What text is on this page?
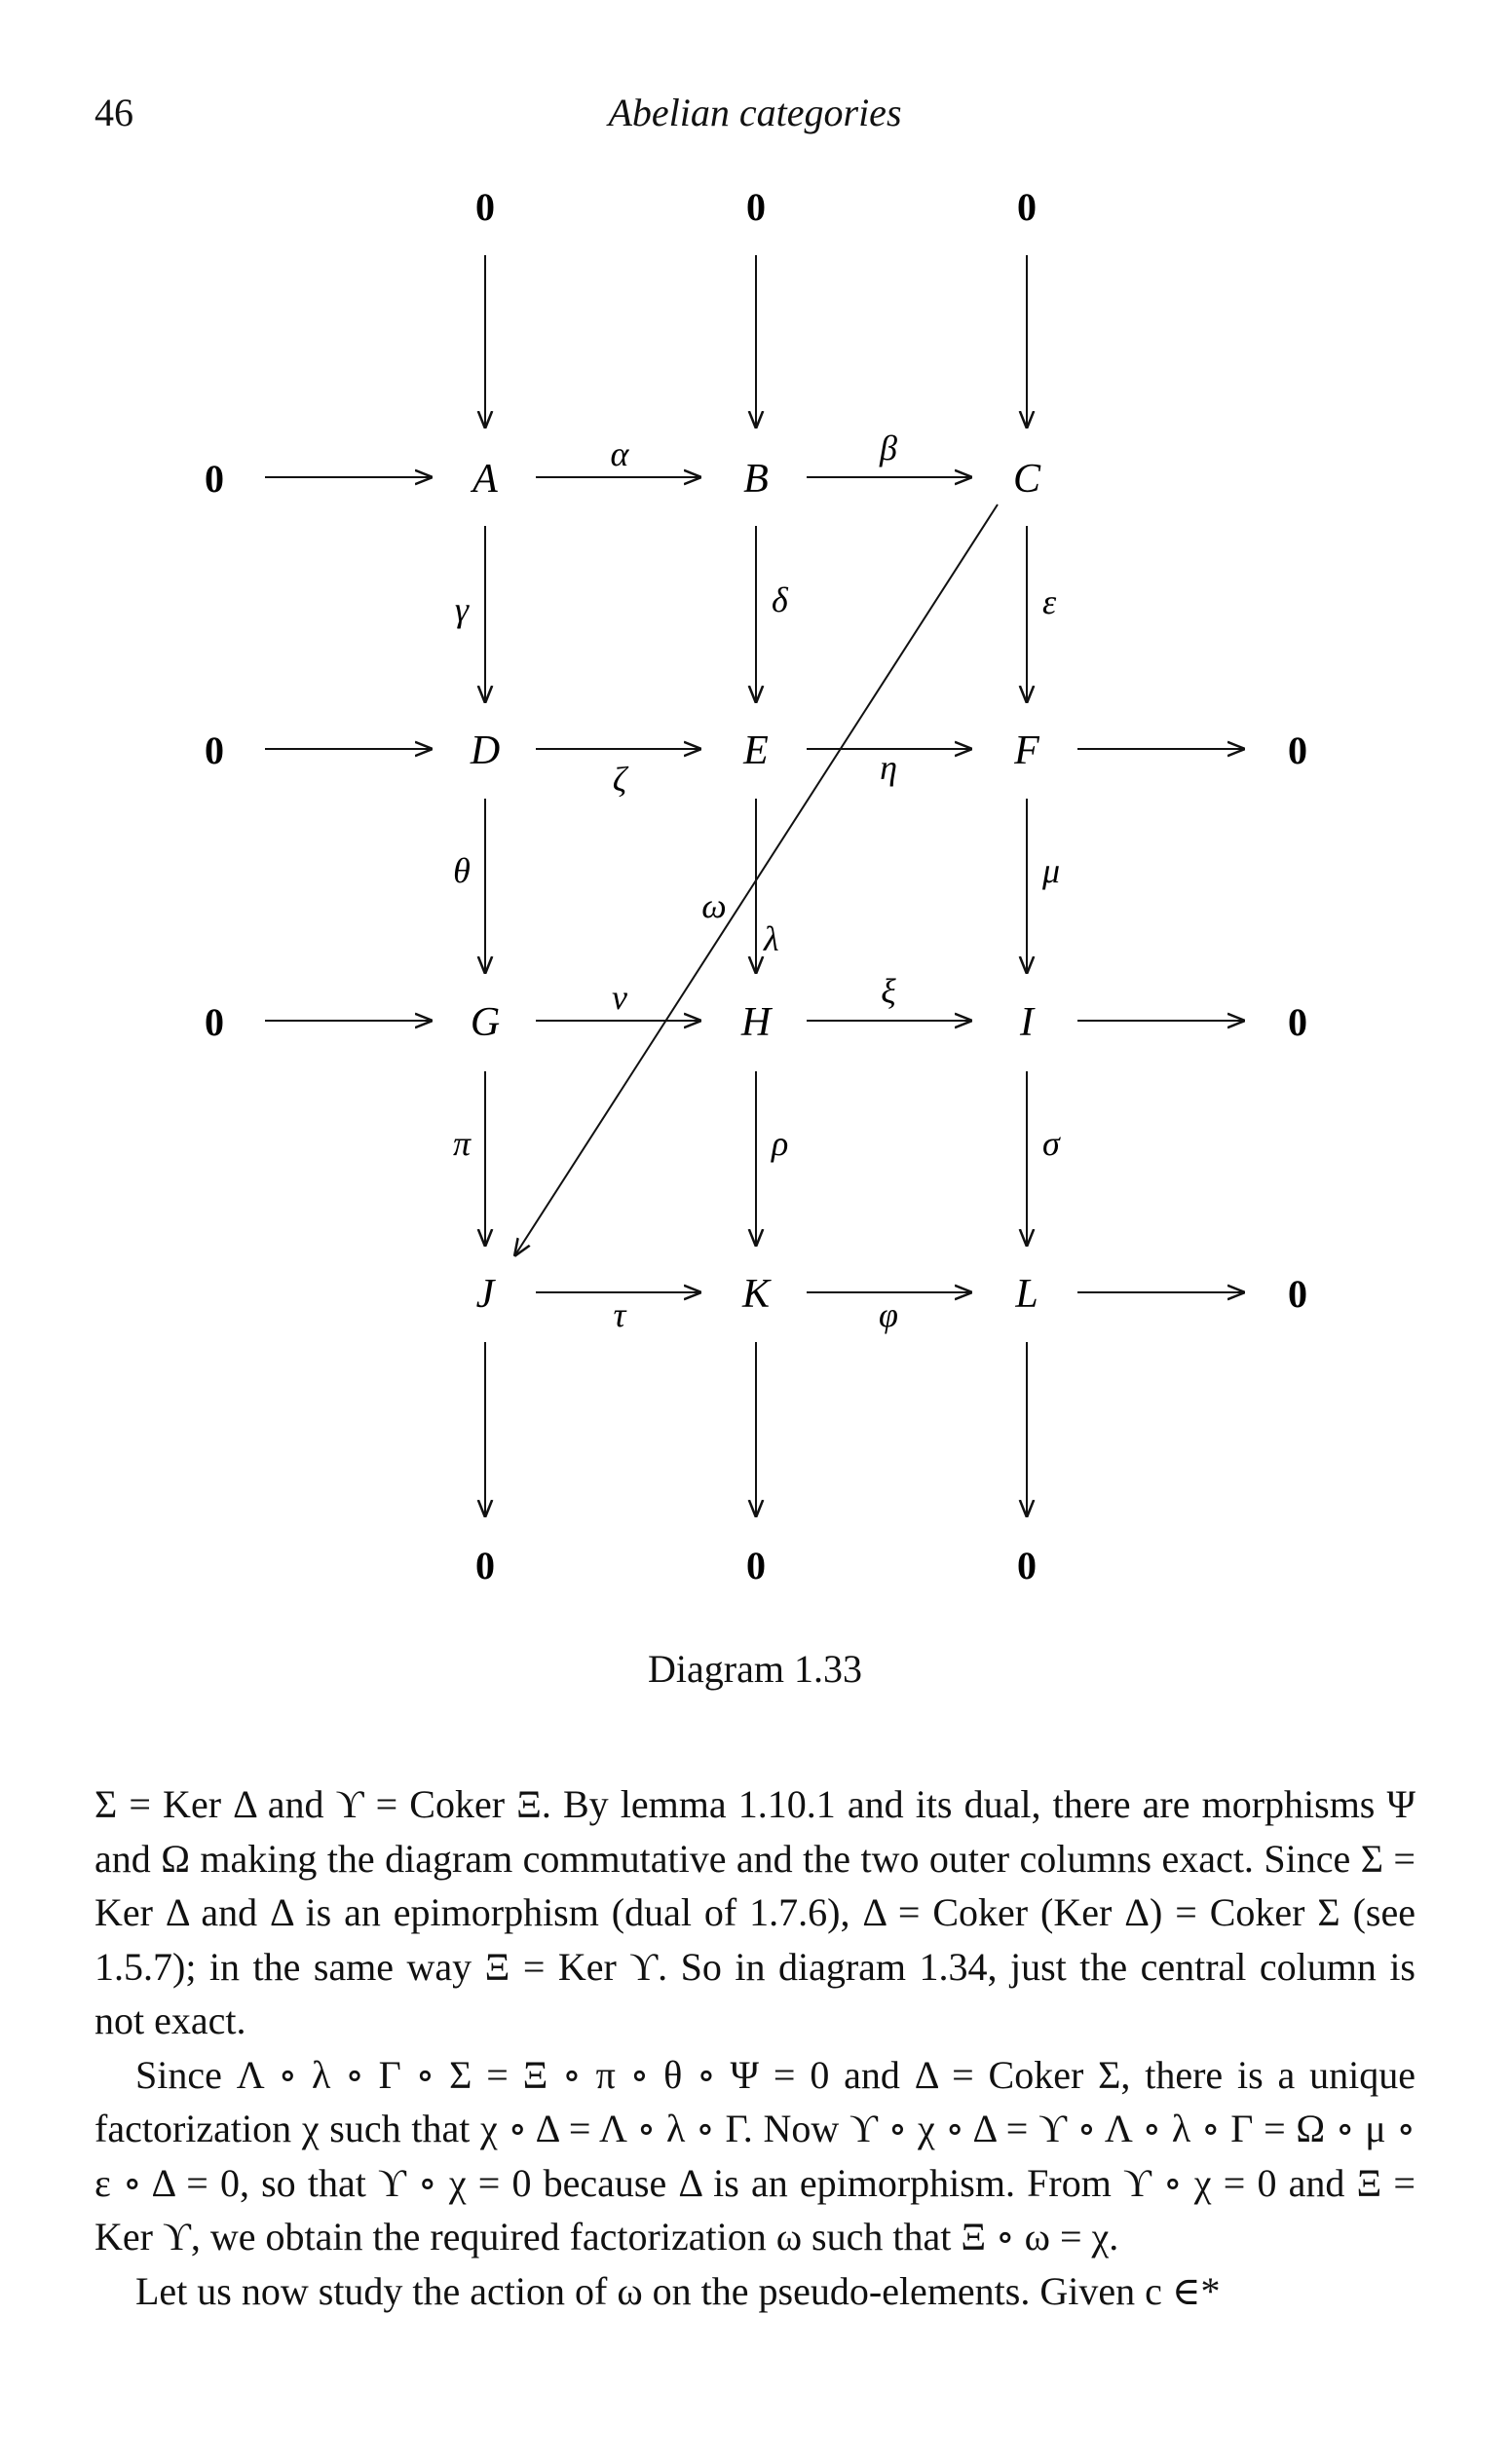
46	Abelian categories
0	0	0
0	A	B	C
0	D	E	F	0
0	G	H	I	0
J	K	L	0
0	0	0
α	β
γ	δ	ε
ζ	η
θ	μ
ω
λ
ν	ξ
π	ρ	σ
τ	φ
Diagram 1.33

Σ = Ker Δ and ϒ = Coker Ξ. By lemma 1.10.1 and its dual, there are morphisms Ψ and Ω making the diagram commutative and the two outer columns exact. Since Σ = Ker Δ and Δ is an epimorphism (dual of 1.7.6), Δ = Coker (Ker Δ) = Coker Σ (see 1.5.7); in the same way Ξ = Ker ϒ. So in diagram 1.34, just the central column is not exact.

Since Λ ∘ λ ∘ Γ ∘ Σ = Ξ ∘ π ∘ θ ∘ Ψ = 0 and Δ = Coker Σ, there is a unique factorization χ such that χ ∘ Δ = Λ ∘ λ ∘ Γ. Now ϒ ∘ χ ∘ Δ = ϒ ∘ Λ ∘ λ ∘ Γ = Ω ∘ μ ∘ ε ∘ Δ = 0, so that ϒ ∘ χ = 0 because Δ is an epimorphism. From ϒ ∘ χ = 0 and Ξ = Ker ϒ, we obtain the required factorization ω such that Ξ ∘ ω = χ.

Let us now study the action of ω on the pseudo-elements. Given c ∈*
